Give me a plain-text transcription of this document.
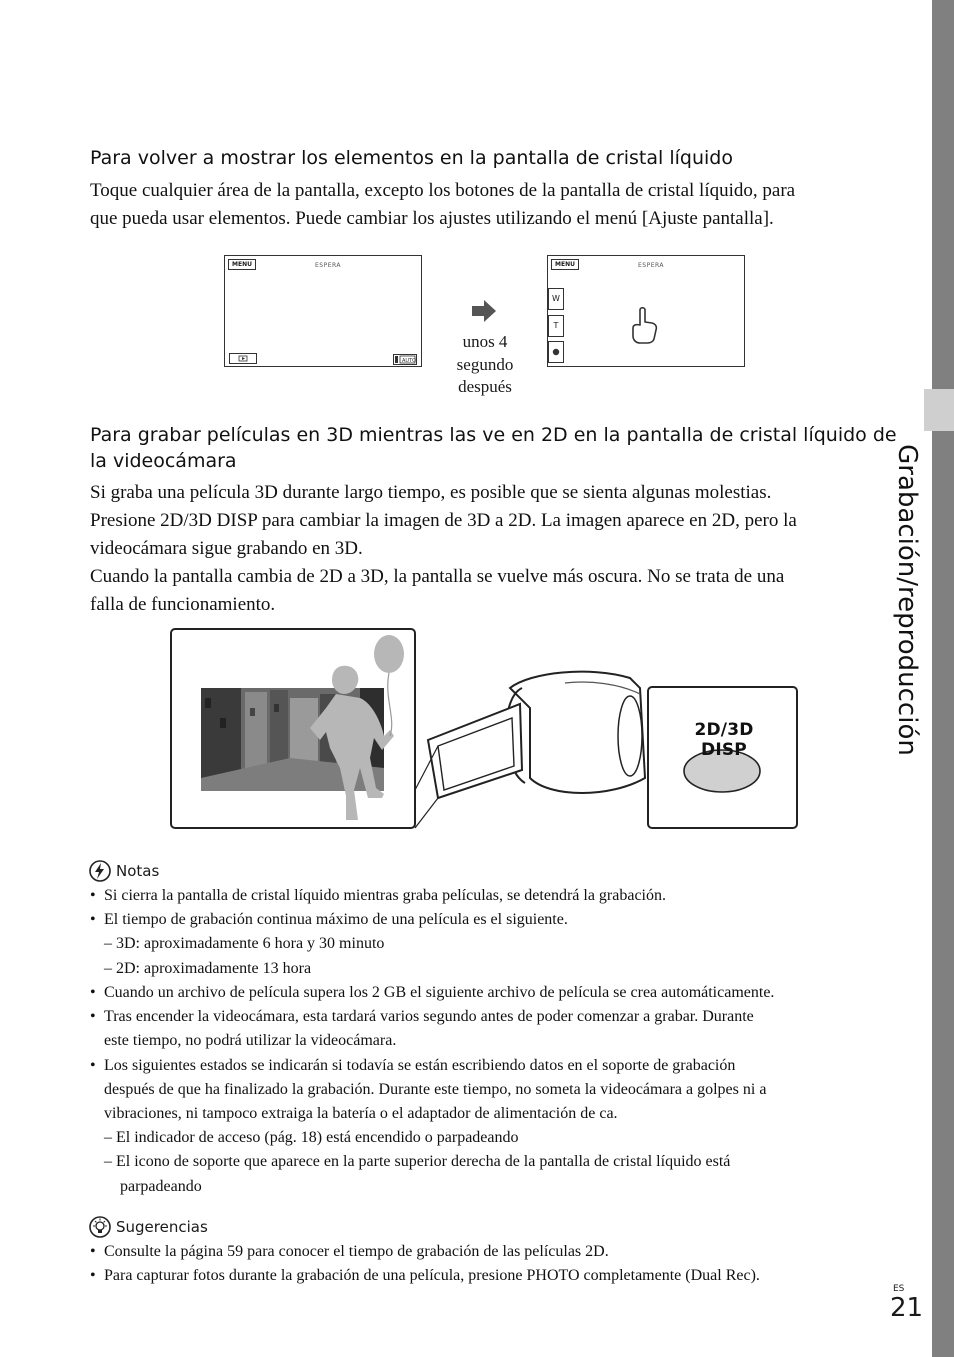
Grabación/reproducción
Para volver a mostrar los elementos en la pantalla de cristal líquido
Toque cualquier área de la pantalla, excepto los botones de la pantalla de cristal líquido, para
que pueda usar elementos. Puede cambiar los ajustes utilizando el menú [Ajuste pantalla].
MENU	ESPERA
AUTO
unos 4
segundo
después
MENU	ESPERA
W
T
Para grabar películas en 3D mientras las ve en 2D en la pantalla de cristal líquido de
la videocámara
Si graba una película 3D durante largo tiempo, es posible que se sienta algunas molestias.
Presione 2D/3D DISP para cambiar la imagen de 3D a 2D. La imagen aparece en 2D, pero la
videocámara sigue grabando en 3D.
Cuando la pantalla cambia de 2D a 3D, la pantalla se vuelve más oscura. No se trata de una
falla de funcionamiento.
2D/3D DISP
Notas
• Si cierra la pantalla de cristal líquido mientras graba películas, se detendrá la grabación.
• El tiempo de grabación continua máximo de una película es el siguiente.
– 3D: aproximadamente 6 hora y 30 minuto
– 2D: aproximadamente 13 hora
• Cuando un archivo de película supera los 2 GB el siguiente archivo de película se crea automáticamente.
• Tras encender la videocámara, esta tardará varios segundo antes de poder comenzar a grabar. Durante
este tiempo, no podrá utilizar la videocámara.
• Los siguientes estados se indicarán si todavía se están escribiendo datos en el soporte de grabación
después de que ha finalizado la grabación. Durante este tiempo, no someta la videocámara a golpes ni a
vibraciones, ni tampoco extraiga la batería o el adaptador de alimentación de ca.
– El indicador de acceso (pág. 18) está encendido o parpadeando
– El icono de soporte que aparece en la parte superior derecha de la pantalla de cristal líquido está
parpadeando
Sugerencias
• Consulte la página 59 para conocer el tiempo de grabación de las películas 2D.
• Para capturar fotos durante la grabación de una película, presione PHOTO completamente (Dual Rec).
ES
21
